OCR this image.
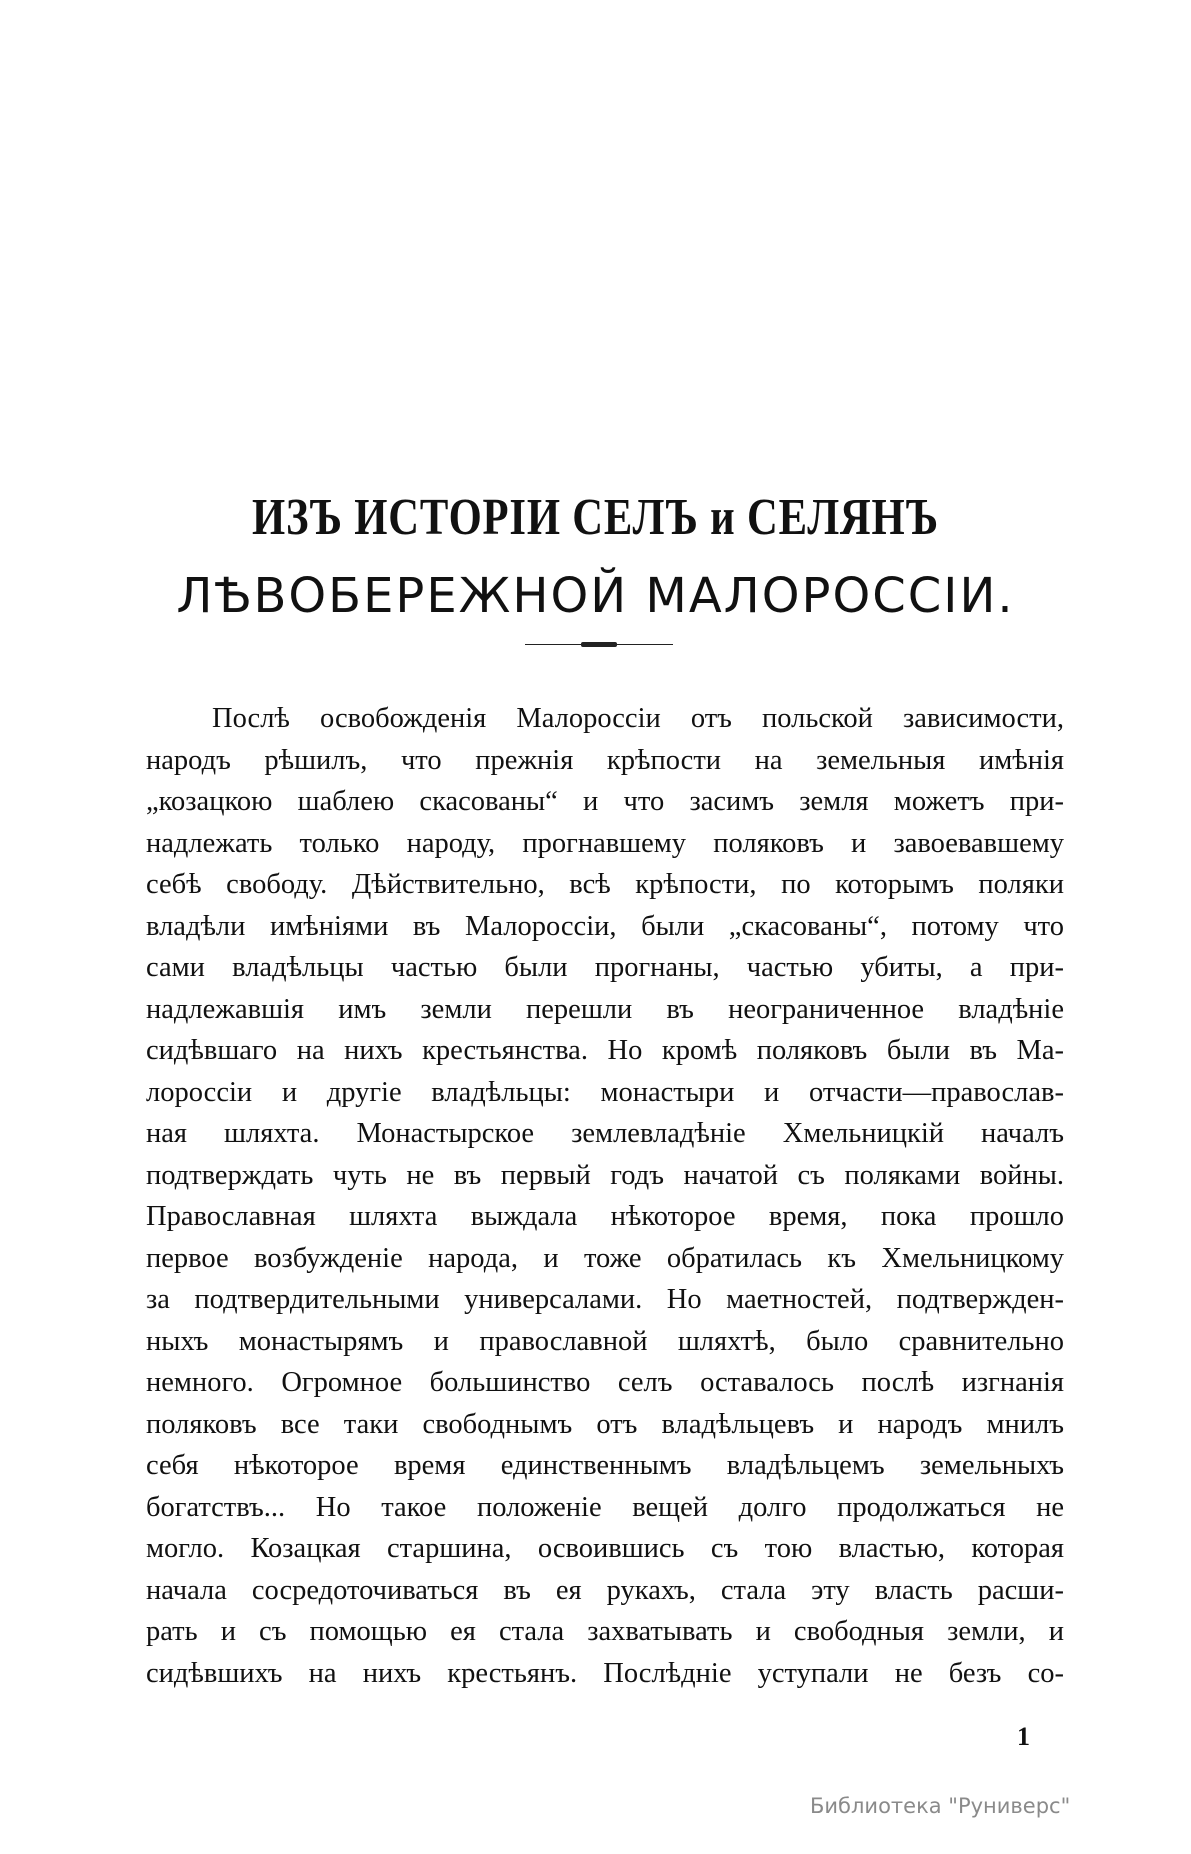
ИЗЪ ИСТОРІИ СЕЛЪ и СЕЛЯНЪ
ЛѢВОБЕРЕЖНОЙ МАЛОРОССІИ.
Послѣ освобожденія Малороссіи отъ польской зависимости,
народъ рѣшилъ, что прежнія крѣпости на земельныя имѣнія
„козацкою шаблею скасованы“ и что засимъ земля можетъ при-
надлежать только народу, прогнавшему поляковъ и завоевавшему
себѣ свободу. Дѣйствительно, всѣ крѣпости, по которымъ поляки
владѣли имѣніями въ Малороссіи, были „скасованы“, потому что
сами владѣльцы частью были прогнаны, частью убиты, а при-
надлежавшія имъ земли перешли въ неограниченное владѣніе
сидѣвшаго на нихъ крестьянства. Но кромѣ поляковъ были въ Ма-
лороссіи и другіе владѣльцы: монастыри и отчасти—православ-
ная шляхта. Монастырское землевладѣніе Хмельницкій началъ
подтверждать чуть не въ первый годъ начатой съ поляками войны.
Православная шляхта выждала нѣкоторое время, пока прошло
первое возбужденіе народа, и тоже обратилась къ Хмельницкому
за подтвердительными универсалами. Но маетностей, подтвержден-
ныхъ монастырямъ и православной шляхтѣ, было сравнительно
немного. Огромное большинство селъ оставалось послѣ изгнанія
поляковъ все таки свободнымъ отъ владѣльцевъ и народъ мнилъ
себя нѣкоторое время единственнымъ владѣльцемъ земельныхъ
богатствъ... Но такое положеніе вещей долго продолжаться не
могло. Козацкая старшина, освоившись съ тою властью, которая
начала сосредоточиваться въ ея рукахъ, стала эту власть расши-
рать и съ помощью ея стала захватывать и свободныя земли, и
сидѣвшихъ на нихъ крестьянъ. Послѣдніе уступали не безъ со-
1
Библиотека "Руниверс"
